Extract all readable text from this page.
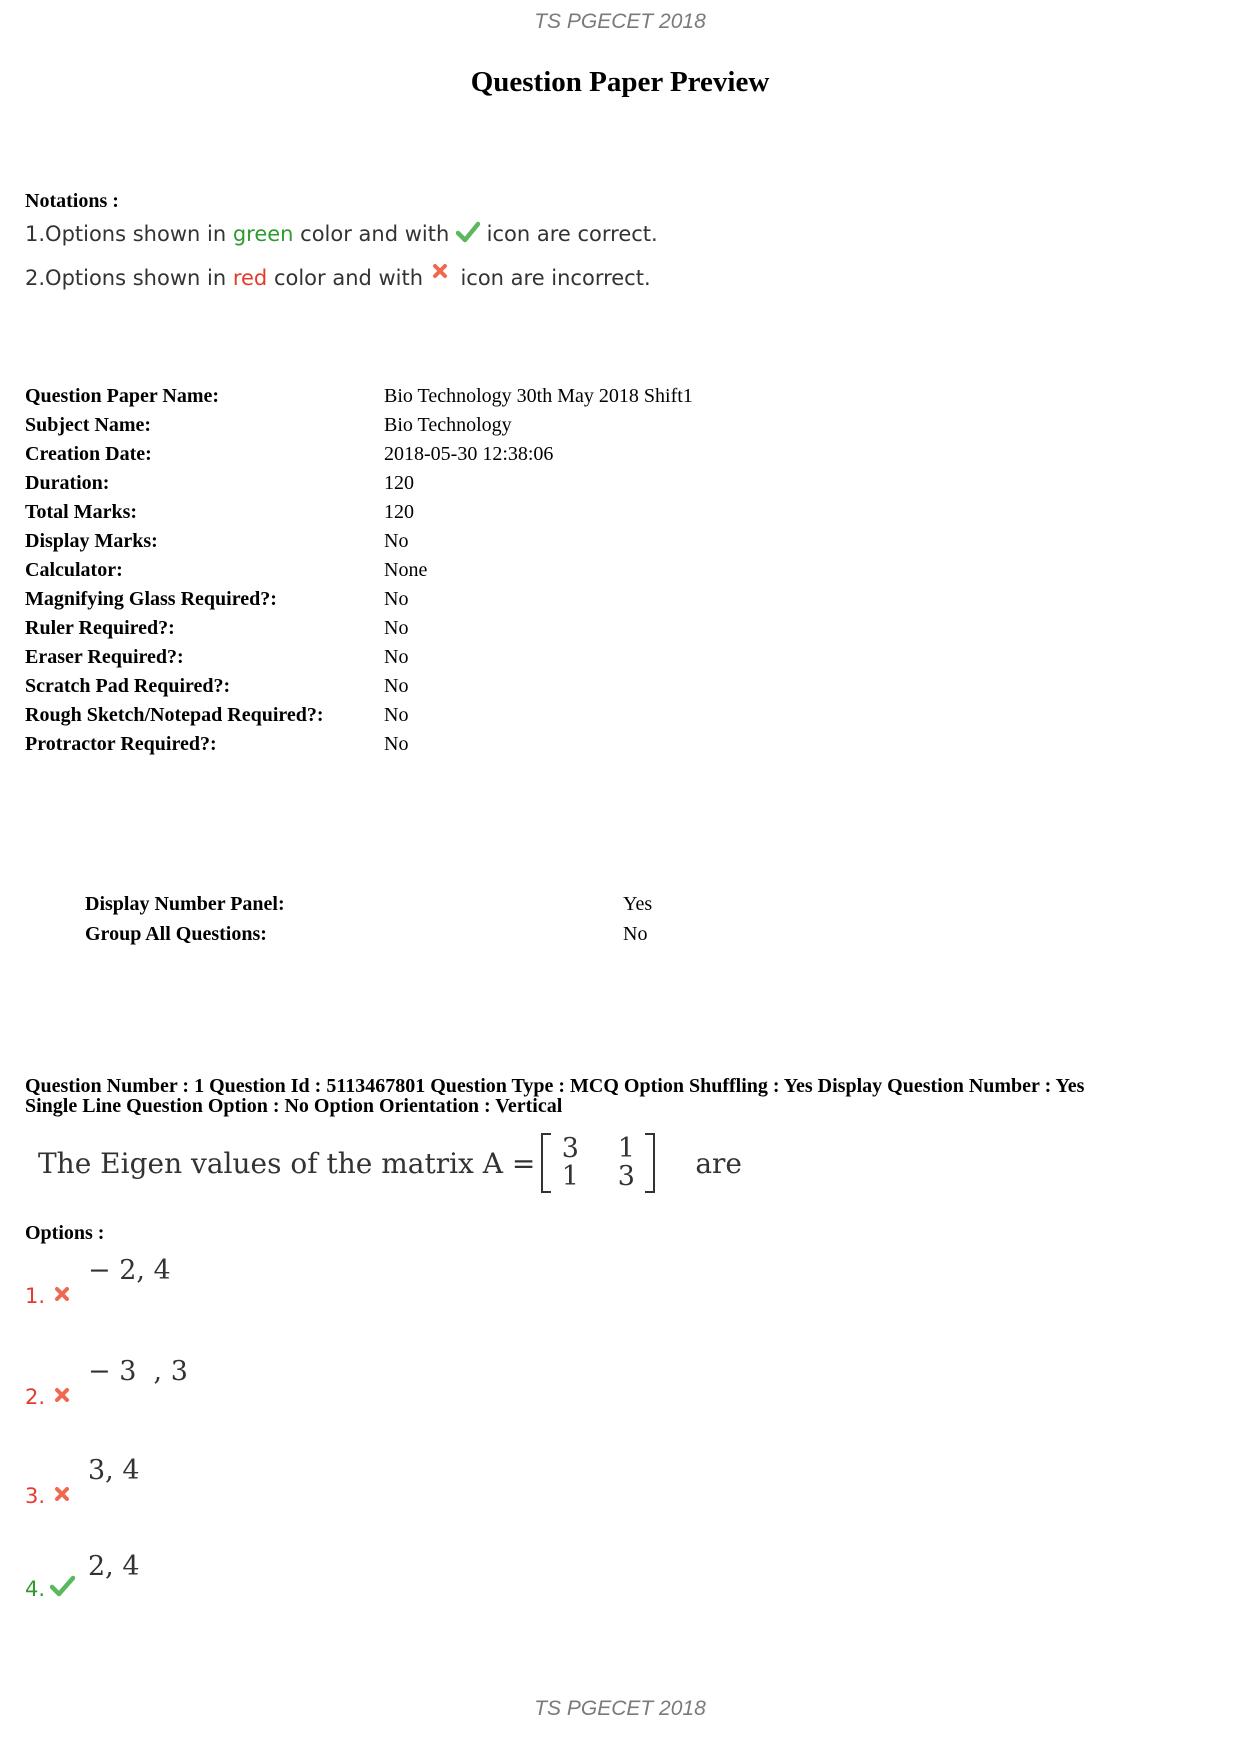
TS PGECET 2018
Question Paper Preview
Notations :
1.Options shown in green color and with  icon are correct.
2.Options shown in red color and with  icon are incorrect.
Question Paper Name:	Bio Technology 30th May 2018 Shift1
Subject Name:	Bio Technology
Creation Date:	2018-05-30 12:38:06
Duration:	120
Total Marks:	120
Display Marks:	No
Calculator:	None
Magnifying Glass Required?:	No
Ruler Required?:	No
Eraser Required?:	No
Scratch Pad Required?:	No
Rough Sketch/Notepad Required?:	No
Protractor Required?:	No
Display Number Panel:	Yes
Group All Questions:	No
Question Number : 1 Question Id : 5113467801 Question Type : MCQ Option Shuffling : Yes Display Question Number : Yes
Single Line Question Option : No Option Orientation : Vertical
The Eigen values of the matrix A = 3 1
1 3 are
Options :
− 2, 4
1.
− 3  , 3
2.
3, 4
3.
2, 4
4.
TS PGECET 2018
